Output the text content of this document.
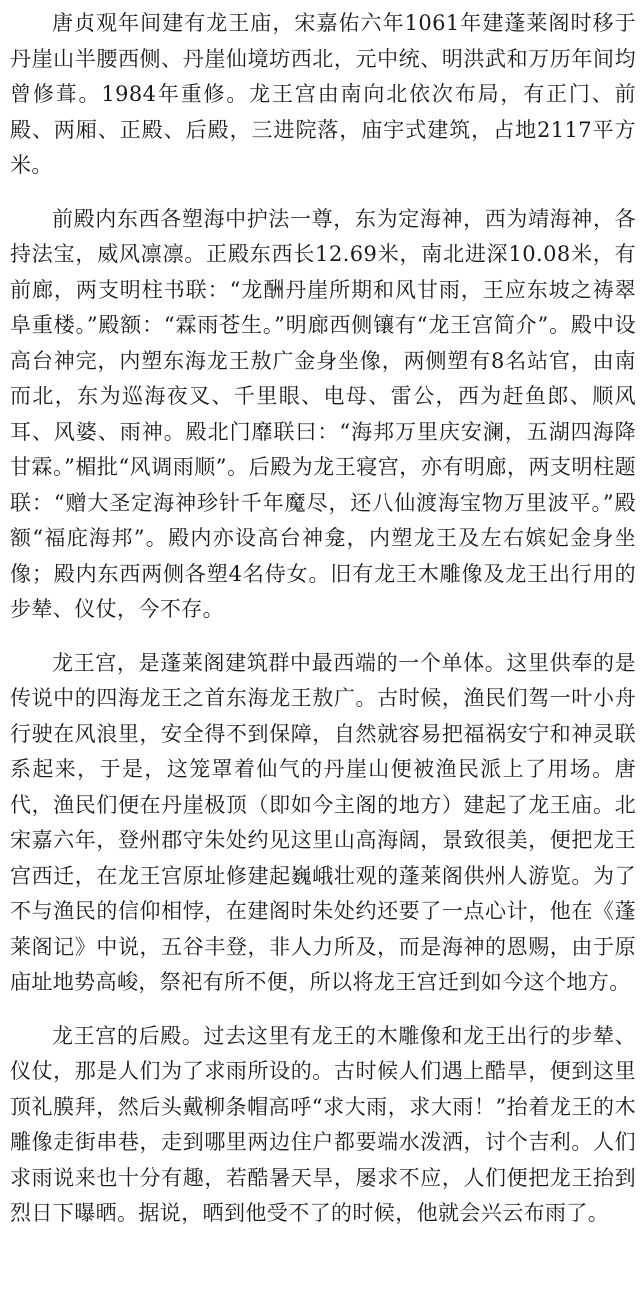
唐贞观年间建有龙王庙，宋嘉佑六年1061年建蓬莱阁时移于丹崖山半腰西侧、丹崖仙境坊西北，元中统、明洪武和万历年间均曾修葺。1984年重修。龙王宫由南向北依次布局，有正门、前殿、两厢、正殿、后殿，三进院落，庙宇式建筑，占地2117平方米。

前殿内东西各塑海中护法一尊，东为定海神，西为靖海神，各持法宝，威风凛凛。正殿东西长12.69米，南北进深10.08米，有前廊，两支明柱书联：“龙酬丹崖所期和风甘雨，王应东坡之祷翠阜重楼。”殿额：“霖雨苍生。”明廊西侧镶有“龙王宫简介”。殿中设高台神完，内塑东海龙王敖广金身坐像，两侧塑有8名站官，由南而北，东为巡海夜叉、千里眼、电母、雷公，西为赶鱼郎、顺风耳、风婆、雨神。殿北门靡联曰：“海邦万里庆安澜，五湖四海降甘霖。”楣批“风调雨顺”。后殿为龙王寝宫，亦有明廊，两支明柱题联：“赠大圣定海神珍针千年魔尽，还八仙渡海宝物万里波平。”殿额“福庇海邦”。殿内亦设高台神龛，内塑龙王及左右嫔妃金身坐像；殿内东西两侧各塑4名侍女。旧有龙王木雕像及龙王出行用的步辇、仪仗，今不存。

龙王宫，是蓬莱阁建筑群中最西端的一个单体。这里供奉的是传说中的四海龙王之首东海龙王敖广。古时候，渔民们驾一叶小舟行驶在风浪里，安全得不到保障，自然就容易把福祸安宁和神灵联系起来，于是，这笼罩着仙气的丹崖山便被渔民派上了用场。唐代，渔民们便在丹崖极顶（即如今主阁的地方）建起了龙王庙。北宋嘉六年，登州郡守朱处约见这里山高海阔，景致很美，便把龙王宫西迁，在龙王宫原址修建起巍峨壮观的蓬莱阁供州人游览。为了不与渔民的信仰相悖，在建阁时朱处约还要了一点心计，他在《蓬莱阁记》中说，五谷丰登，非人力所及，而是海神的恩赐，由于原庙址地势高峻，祭祀有所不便，所以将龙王宫迁到如今这个地方。

龙王宫的后殿。过去这里有龙王的木雕像和龙王出行的步辇、仪仗，那是人们为了求雨所设的。古时候人们遇上酷旱，便到这里顶礼膜拜，然后头戴柳条帽高呼“求大雨，求大雨！”抬着龙王的木雕像走街串巷，走到哪里两边住户都要端水泼洒，讨个吉利。人们求雨说来也十分有趣，若酷暑天旱，屡求不应，人们便把龙王抬到烈日下曝晒。据说，晒到他受不了的时候，他就会兴云布雨了。
